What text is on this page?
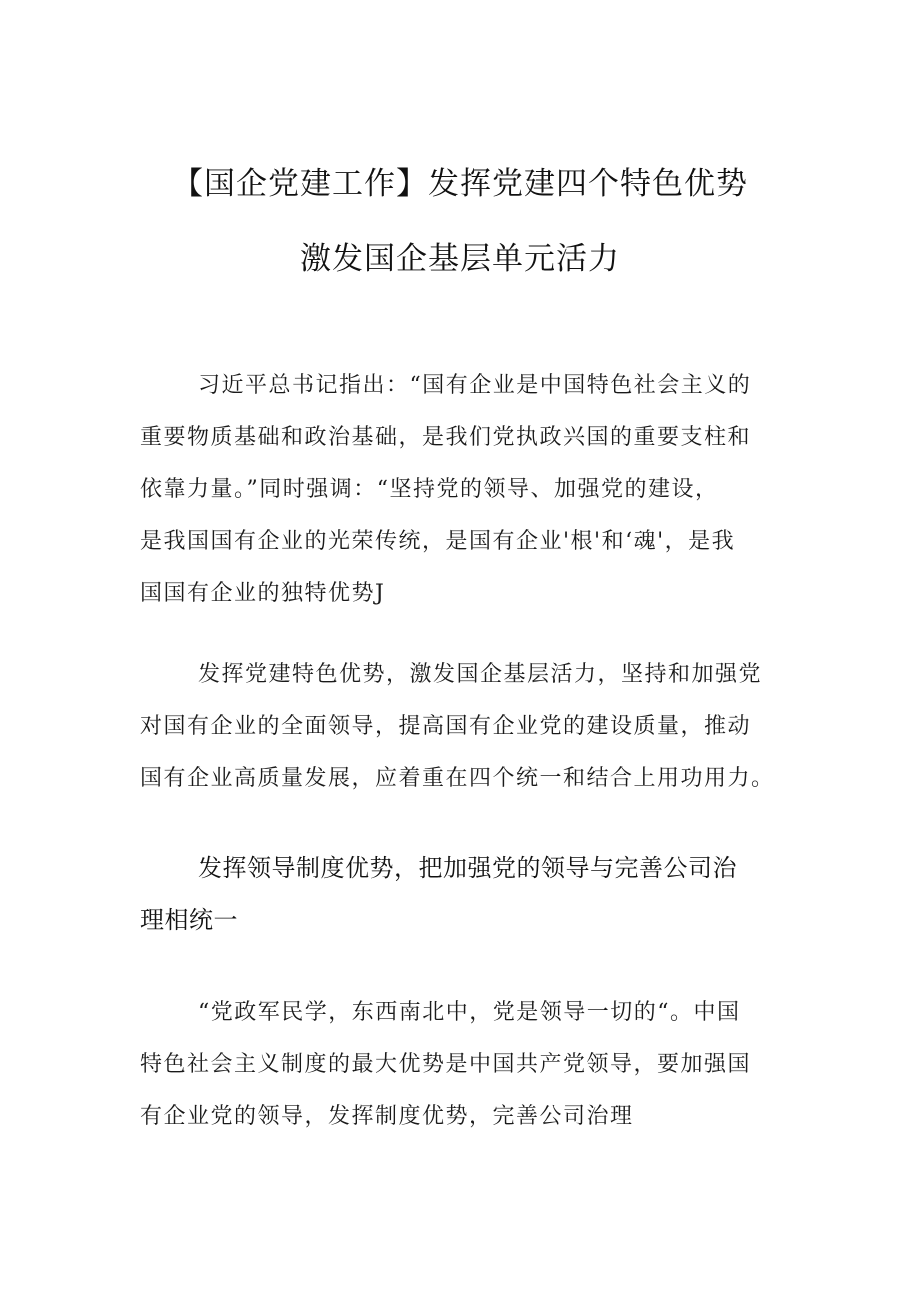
【国企党建工作】发挥党建四个特色优势
激发国企基层单元活力
习近平总书记指出：“国有企业是中国特色社会主义的
重要物质基础和政治基础，是我们党执政兴国的重要支柱和
依靠力量。”同时强调：“坚持党的领导、加强党的建设，
是我国国有企业的光荣传统，是国有企业'根'和‘魂'，是我
国国有企业的独特优势J
发挥党建特色优势，激发国企基层活力，坚持和加强党
对国有企业的全面领导，提高国有企业党的建设质量，推动
国有企业高质量发展，应着重在四个统一和结合上用功用力。
发挥领导制度优势，把加强党的领导与完善公司治
理相统一
“党政军民学，东西南北中，党是领导一切的“。中国
特色社会主义制度的最大优势是中国共产党领导，要加强国
有企业党的领导，发挥制度优势，完善公司治理
